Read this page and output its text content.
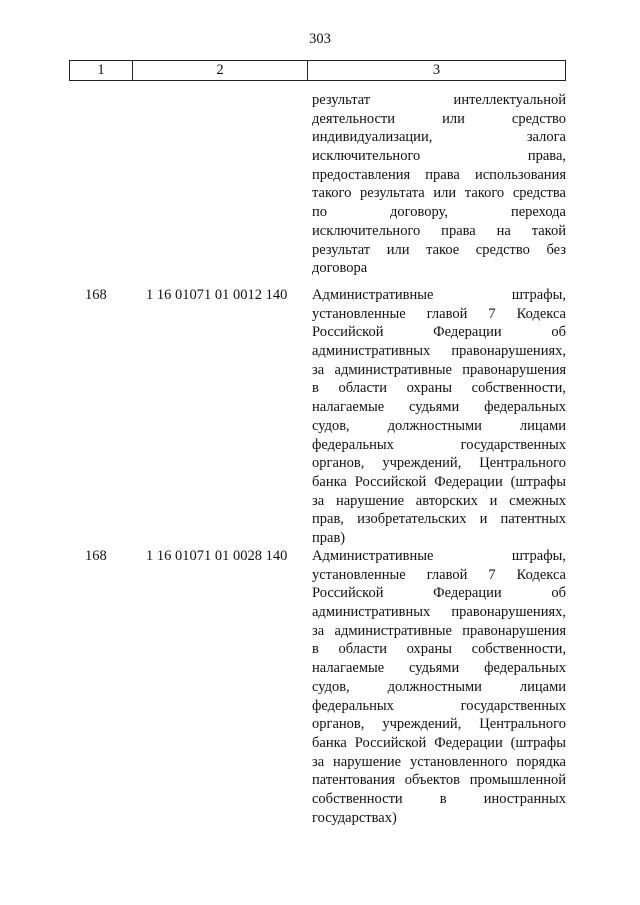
303
1	2	3
результат интеллектуальной
деятельности или средство
индивидуализации, залога
исключительного права,
предоставления права использования
такого результата или такого средства
по договору, перехода
исключительного права на такой
результат или такое средство без
договора
168	1 16 01071 01 0012 140 Административные штрафы,
установленные главой 7 Кодекса
Российской Федерации об
административных правонарушениях,
за административные правонарушения
в области охраны собственности,
налагаемые судьями федеральных
судов, должностными лицами
федеральных государственных
органов, учреждений, Центрального
банка Российской Федерации (штрафы
за нарушение авторских и смежных
прав, изобретательских и патентных
прав)
168	1 16 01071 01 0028 140 Административные штрафы,
установленные главой 7 Кодекса
Российской Федерации об
административных правонарушениях,
за административные правонарушения
в области охраны собственности,
налагаемые судьями федеральных
судов, должностными лицами
федеральных государственных
органов, учреждений, Центрального
банка Российской Федерации (штрафы
за нарушение установленного порядка
патентования объектов промышленной
собственности в иностранных
государствах)
